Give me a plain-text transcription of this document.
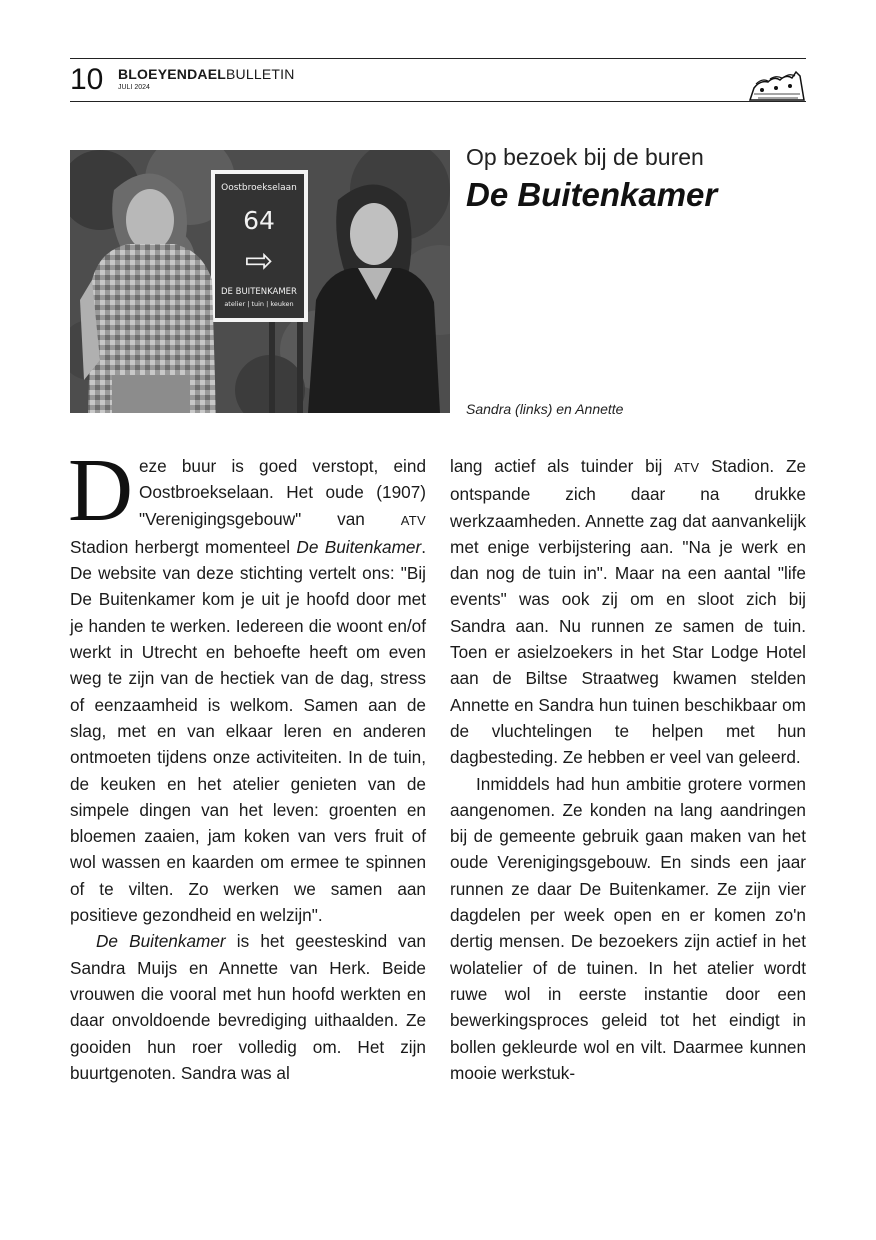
10 BLOEYENDAELBULLETIN
JULI 2024
Oostbroekselaan
64
⇨
DE BUITENKAMER
atelier | tuin | keuken
Op bezoek bij de buren
De Buitenkamer
Sandra (links) en Annette

Deze buur is goed verstopt, eind Oostbroekselaan. Het oude (1907) "Verenigingsgebouw" van ATV Stadion herbergt momenteel De Buitenkamer. De website van deze stichting vertelt ons: "Bij De Buitenkamer kom je uit je hoofd door met je handen te werken. Iedereen die woont en/of werkt in Utrecht en behoefte heeft om even weg te zijn van de hectiek van de dag, stress of eenzaamheid is welkom. Samen aan de slag, met en van elkaar leren en anderen ontmoeten tijdens onze activiteiten. In de tuin, de keuken en het atelier genieten van de simpele dingen van het leven: groenten en bloemen zaaien, jam koken van vers fruit of wol wassen en kaarden om ermee te spinnen of te vilten. Zo werken we samen aan positieve gezondheid en welzijn".

De Buitenkamer is het geesteskind van Sandra Muijs en Annette van Herk. Beide vrouwen die vooral met hun hoofd werkten en daar onvoldoende bevrediging uithaalden. Ze gooiden hun roer volledig om. Het zijn buurtgenoten. Sandra was al

lang actief als tuinder bij ATV Stadion. Ze ontspande zich daar na drukke werkzaamheden. Annette zag dat aanvankelijk met enige verbijstering aan. "Na je werk en dan nog de tuin in". Maar na een aantal "life events" was ook zij om en sloot zich bij Sandra aan. Nu runnen ze samen de tuin. Toen er asielzoekers in het Star Lodge Hotel aan de Biltse Straatweg kwamen stelden Annette en Sandra hun tuinen beschikbaar om de vluchtelingen te helpen met hun dagbesteding. Ze hebben er veel van geleerd.

Inmiddels had hun ambitie grotere vormen aangenomen. Ze konden na lang aandringen bij de gemeente gebruik gaan maken van het oude Verenigingsgebouw. En sinds een jaar runnen ze daar De Buitenkamer. Ze zijn vier dagdelen per week open en er komen zo'n dertig mensen. De bezoekers zijn actief in het wolatelier of de tuinen. In het atelier wordt ruwe wol in eerste instantie door een bewerkingsproces geleid tot het eindigt in bollen gekleurde wol en vilt. Daarmee kunnen mooie werkstuk-
